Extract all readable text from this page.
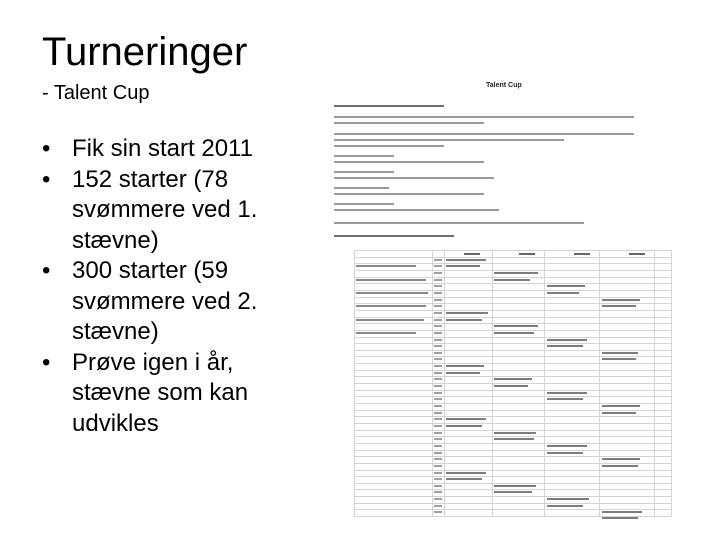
Turneringer

- Talent Cup

• Fik sin start 2011
• 152 starter (78 svømmere ved 1. stævne)
• 300 starter (59 svømmere ved 2. stævne)
• Prøve igen i år, stævne som kan udvikles
Talent Cup
